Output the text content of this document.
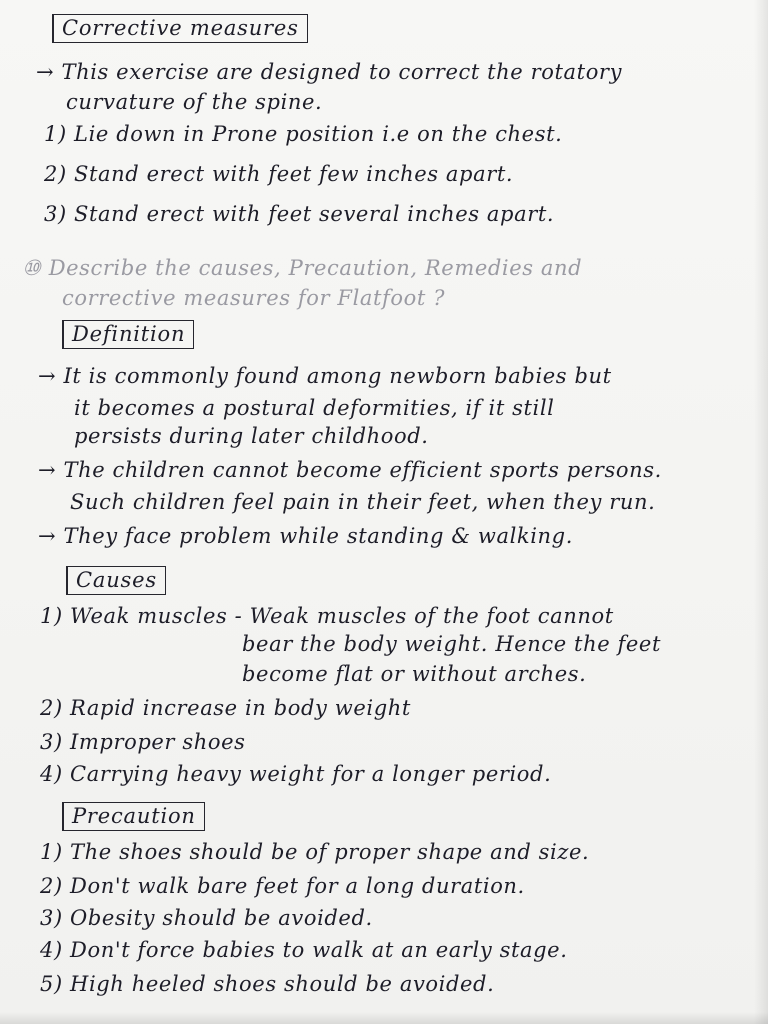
Corrective measures
→ This exercise are designed to correct the rotatory
curvature of the spine.
1) Lie down in Prone position i.e on the chest.
2) Stand erect with feet few inches apart.
3) Stand erect with feet several inches apart.
⑩ Describe the causes, Precaution, Remedies and
corrective measures for Flatfoot ?
Definition
→ It is commonly found among newborn babies but
it becomes a postural deformities, if it still
persists during later childhood.
→ The children cannot become efficient sports persons.
Such children feel pain in their feet, when they run.
→ They face problem while standing & walking.
Causes
1) Weak muscles - Weak muscles of the foot cannot
bear the body weight. Hence the feet
become flat or without arches.
2) Rapid increase in body weight
3) Improper shoes
4) Carrying heavy weight for a longer period.
Precaution
1) The shoes should be of proper shape and size.
2) Don't walk bare feet for a long duration.
3) Obesity should be avoided.
4) Don't force babies to walk at an early stage.
5) High heeled shoes should be avoided.
